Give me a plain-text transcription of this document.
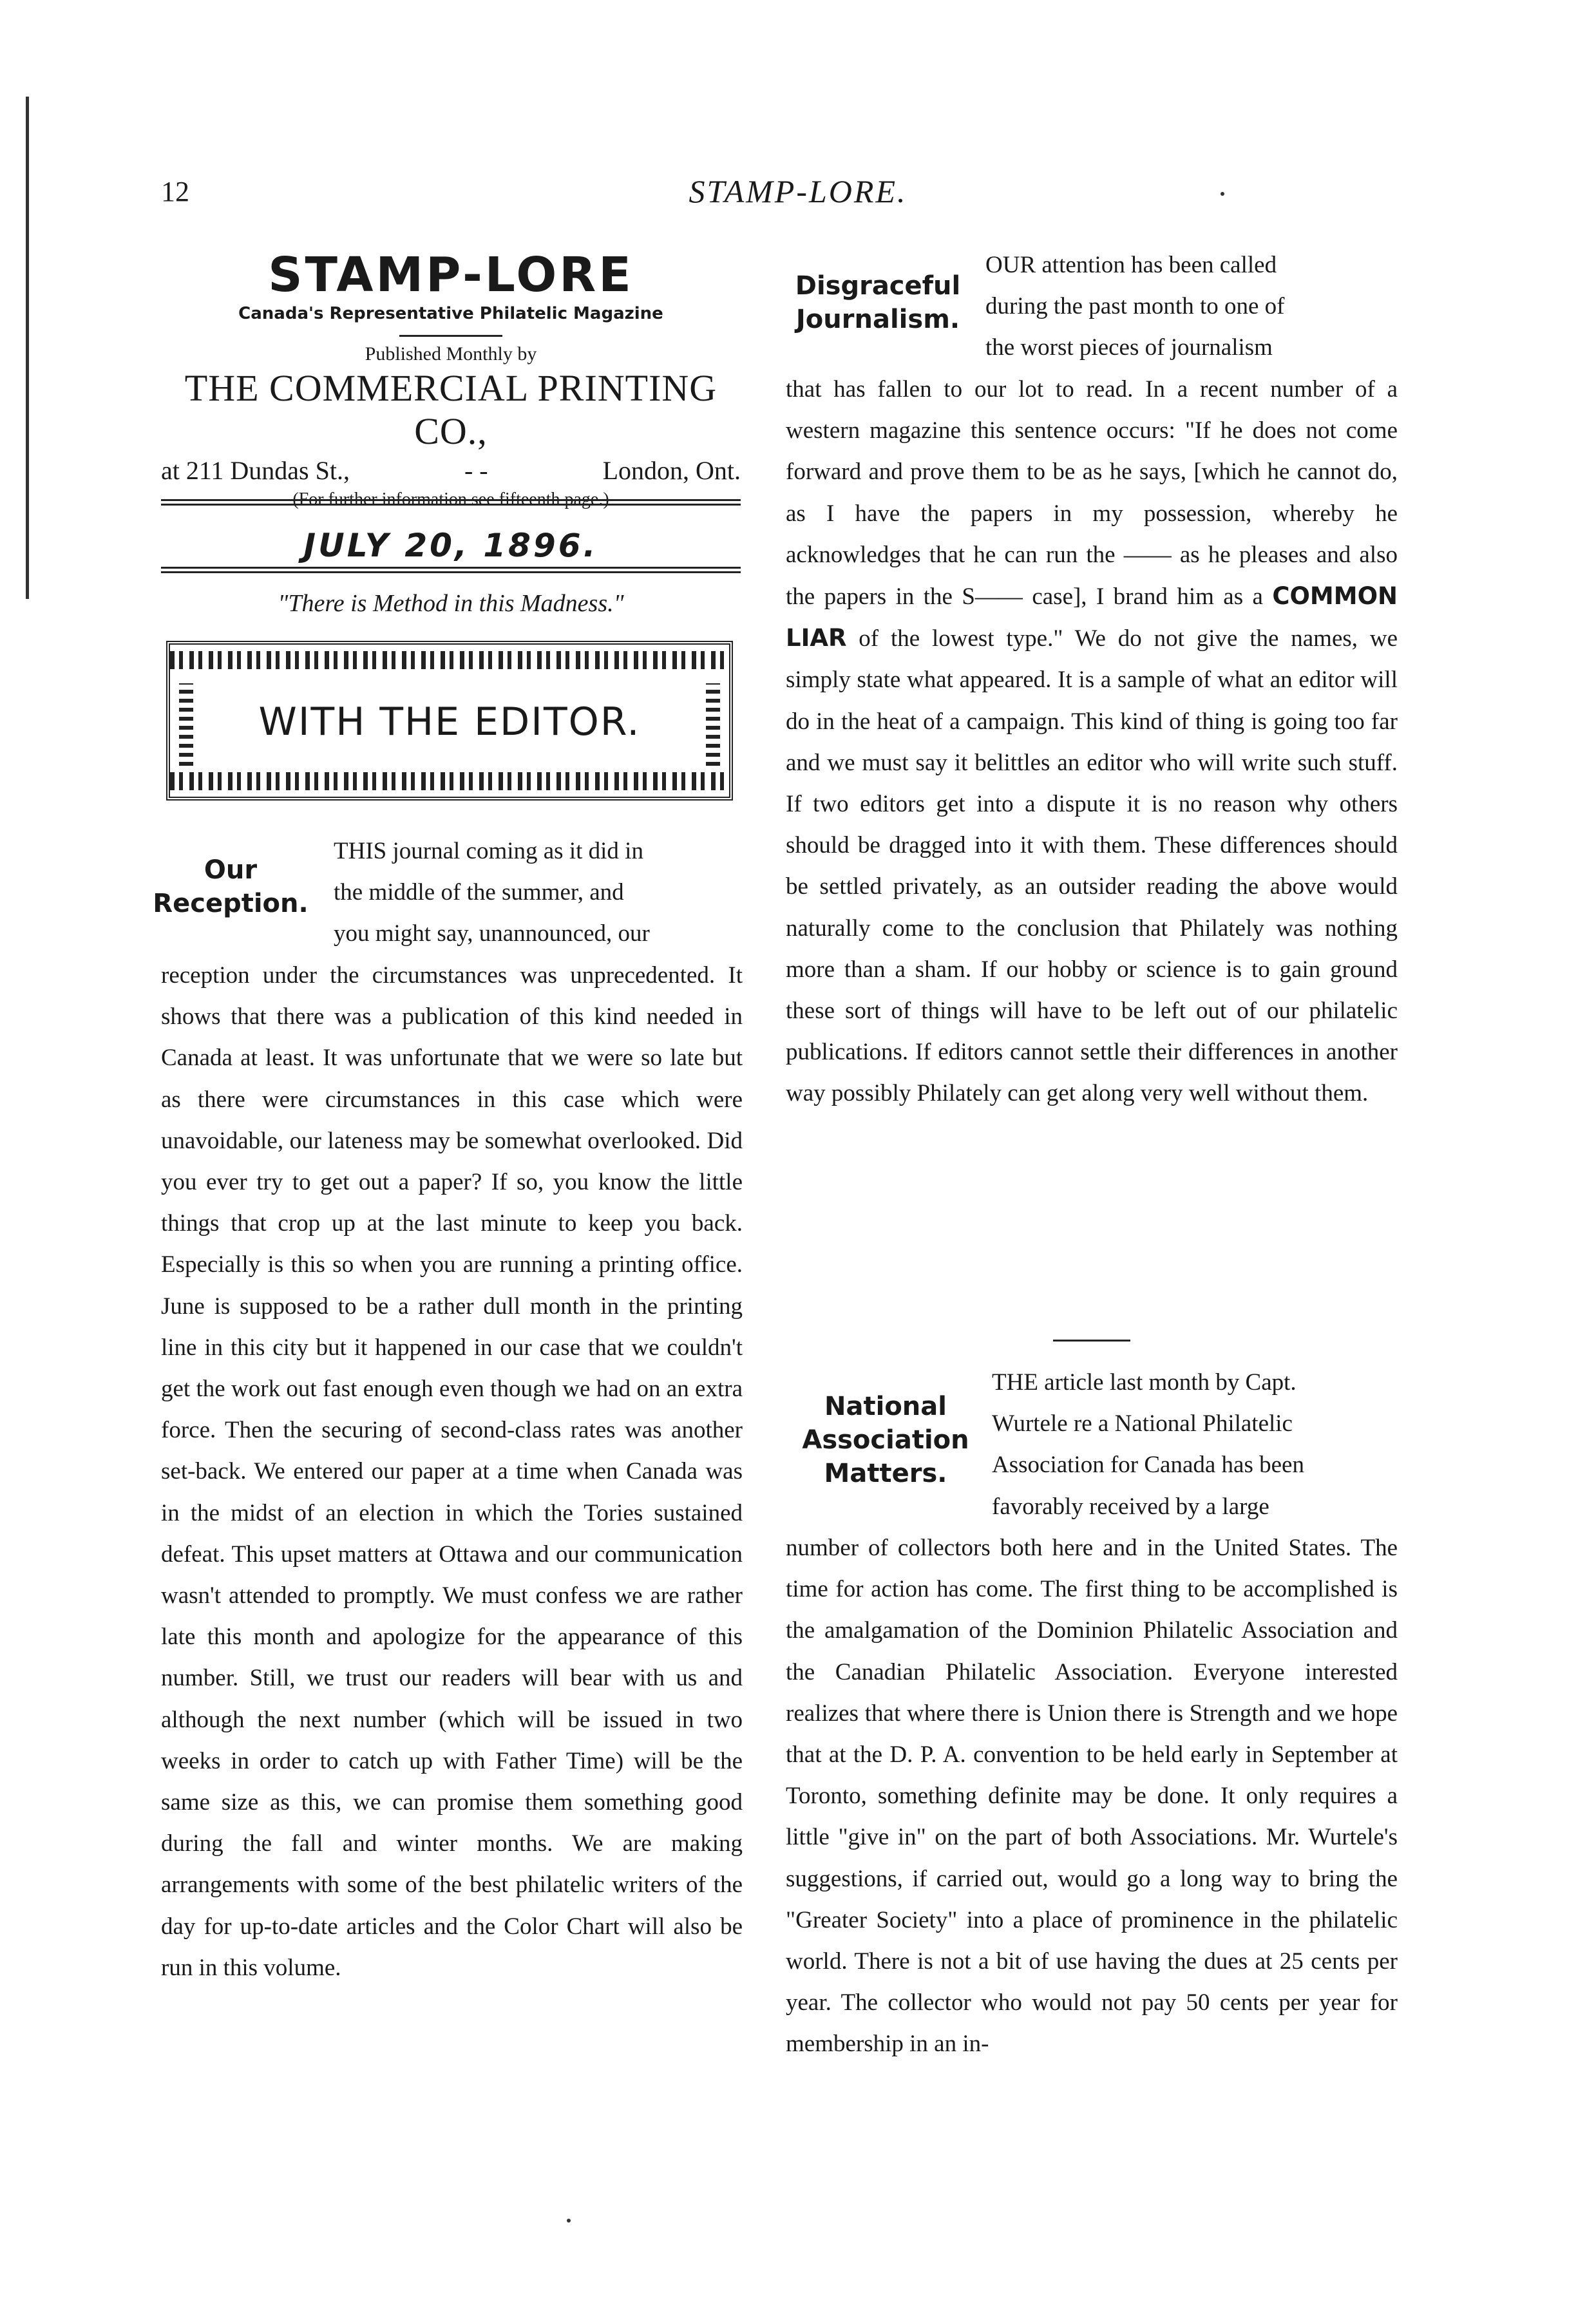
12	STAMP-LORE.
STAMP-LORE
Canada's Representative Philatelic Magazine
Published Monthly by
THE COMMERCIAL PRINTING CO.,
at 211 Dundas St.,	- -	London, Ont.
(For further information see fifteenth page.)
JULY 20, 1896.
"There is Method in this Madness."
WITH THE EDITOR.
Our Reception.
THIS journal coming as it did in
the middle of the summer, and
you might say, unannounced, our

reception under the circumstances was unprecedented. It shows that there was a publication of this kind needed in Canada at least. It was unfortunate that we were so late but as there were circumstances in this case which were unavoidable, our lateness may be somewhat overlooked. Did you ever try to get out a paper? If so, you know the little things that crop up at the last minute to keep you back. Especially is this so when you are running a printing office. June is supposed to be a rather dull month in the printing line in this city but it happened in our case that we couldn't get the work out fast enough even though we had on an extra force. Then the securing of second-class rates was another set-back. We entered our paper at a time when Canada was in the midst of an election in which the Tories sustained defeat. This upset matters at Ottawa and our communication wasn't attended to promptly. We must confess we are rather late this month and apologize for the appearance of this number. Still, we trust our readers will bear with us and although the next number (which will be issued in two weeks in order to catch up with Father Time) will be the same size as this, we can promise them something good during the fall and winter months. We are making arrangements with some of the best philatelic writers of the day for up-to-date articles and the Color Chart will also be run in this volume.

Disgraceful Journalism.
OUR attention has been called
during the past month to one of
the worst pieces of journalism

that has fallen to our lot to read. In a recent number of a western magazine this sentence occurs: "If he does not come forward and prove them to be as he says, [which he cannot do, as I have the papers in my possession, whereby he acknowledges that he can run the —— as he pleases and also the papers in the S—— case], I brand him as a COMMON LIAR of the lowest type." We do not give the names, we simply state what appeared. It is a sample of what an editor will do in the heat of a campaign. This kind of thing is going too far and we must say it belittles an editor who will write such stuff. If two editors get into a dispute it is no reason why others should be dragged into it with them. These differences should be settled privately, as an outsider reading the above would naturally come to the conclusion that Philately was nothing more than a sham. If our hobby or science is to gain ground these sort of things will have to be left out of our philatelic publications. If editors cannot settle their differences in another way possibly Philately can get along very well without them.

National Association Matters.
THE article last month by Capt.
Wurtele re a National Philatelic
Association for Canada has been
favorably received by a large

number of collectors both here and in the United States. The time for action has come. The first thing to be accomplished is the amalgamation of the Dominion Philatelic Association and the Canadian Philatelic Association. Everyone interested realizes that where there is Union there is Strength and we hope that at the D. P. A. convention to be held early in September at Toronto, something definite may be done. It only requires a little "give in" on the part of both Associations. Mr. Wurtele's suggestions, if carried out, would go a long way to bring the "Greater Society" into a place of prominence in the philatelic world. There is not a bit of use having the dues at 25 cents per year. The collector who would not pay 50 cents per year for membership in an in-
